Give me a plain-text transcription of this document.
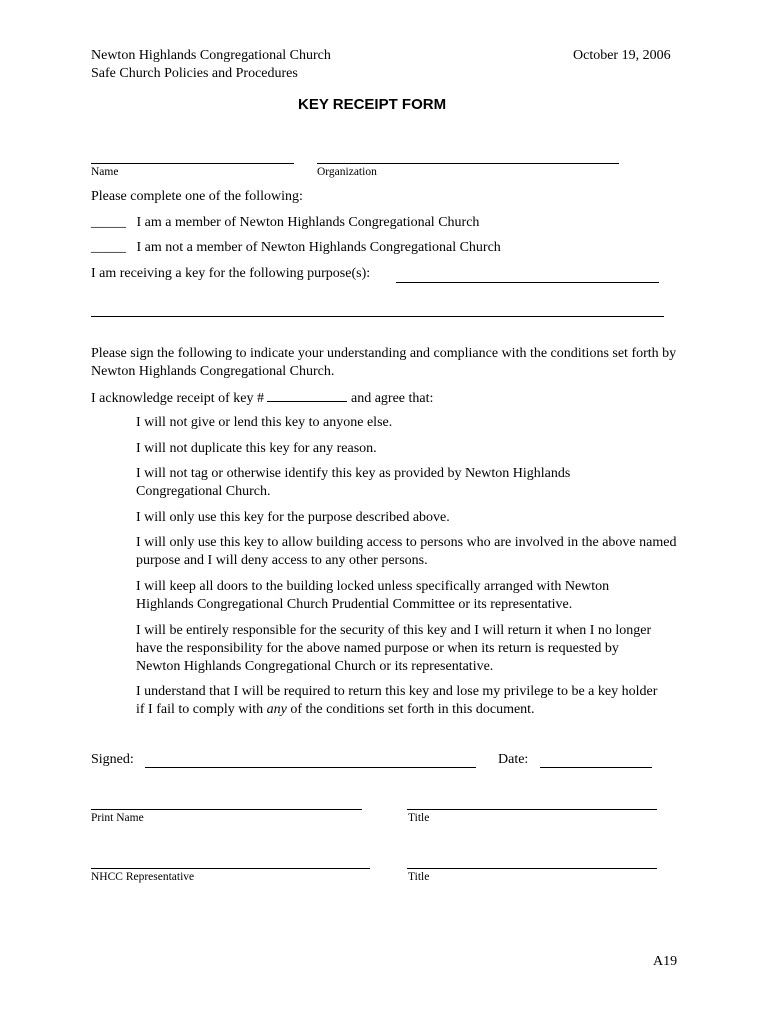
Newton Highlands Congregational Church
Safe Church Policies and Procedures
October 19, 2006
KEY RECEIPT FORM
Name	Organization
Please complete one of the following:
_____ I am a member of Newton Highlands Congregational Church
_____ I am not a member of Newton Highlands Congregational Church
I am receiving a key for the following purpose(s):
Please sign the following to indicate your understanding and compliance with the conditions set forth by Newton Highlands Congregational Church.
I acknowledge receipt of key #	and agree that:
I will not give or lend this key to anyone else.
I will not duplicate this key for any reason.
I will not tag or otherwise identify this key as provided by Newton Highlands Congregational Church.
I will only use this key for the purpose described above.
I will only use this key to allow building access to persons who are involved in the above named purpose and I will deny access to any other persons.
I will keep all doors to the building locked unless specifically arranged with Newton Highlands Congregational Church Prudential Committee or its representative.
I will be entirely responsible for the security of this key and I will return it when I no longer have the responsibility for the above named purpose or when its return is requested by Newton Highlands Congregational Church or its representative.
I understand that I will be required to return this key and lose my privilege to be a key holder if I fail to comply with any of the conditions set forth in this document.
Signed:	Date:
Print Name	Title
NHCC Representative	Title
A19
